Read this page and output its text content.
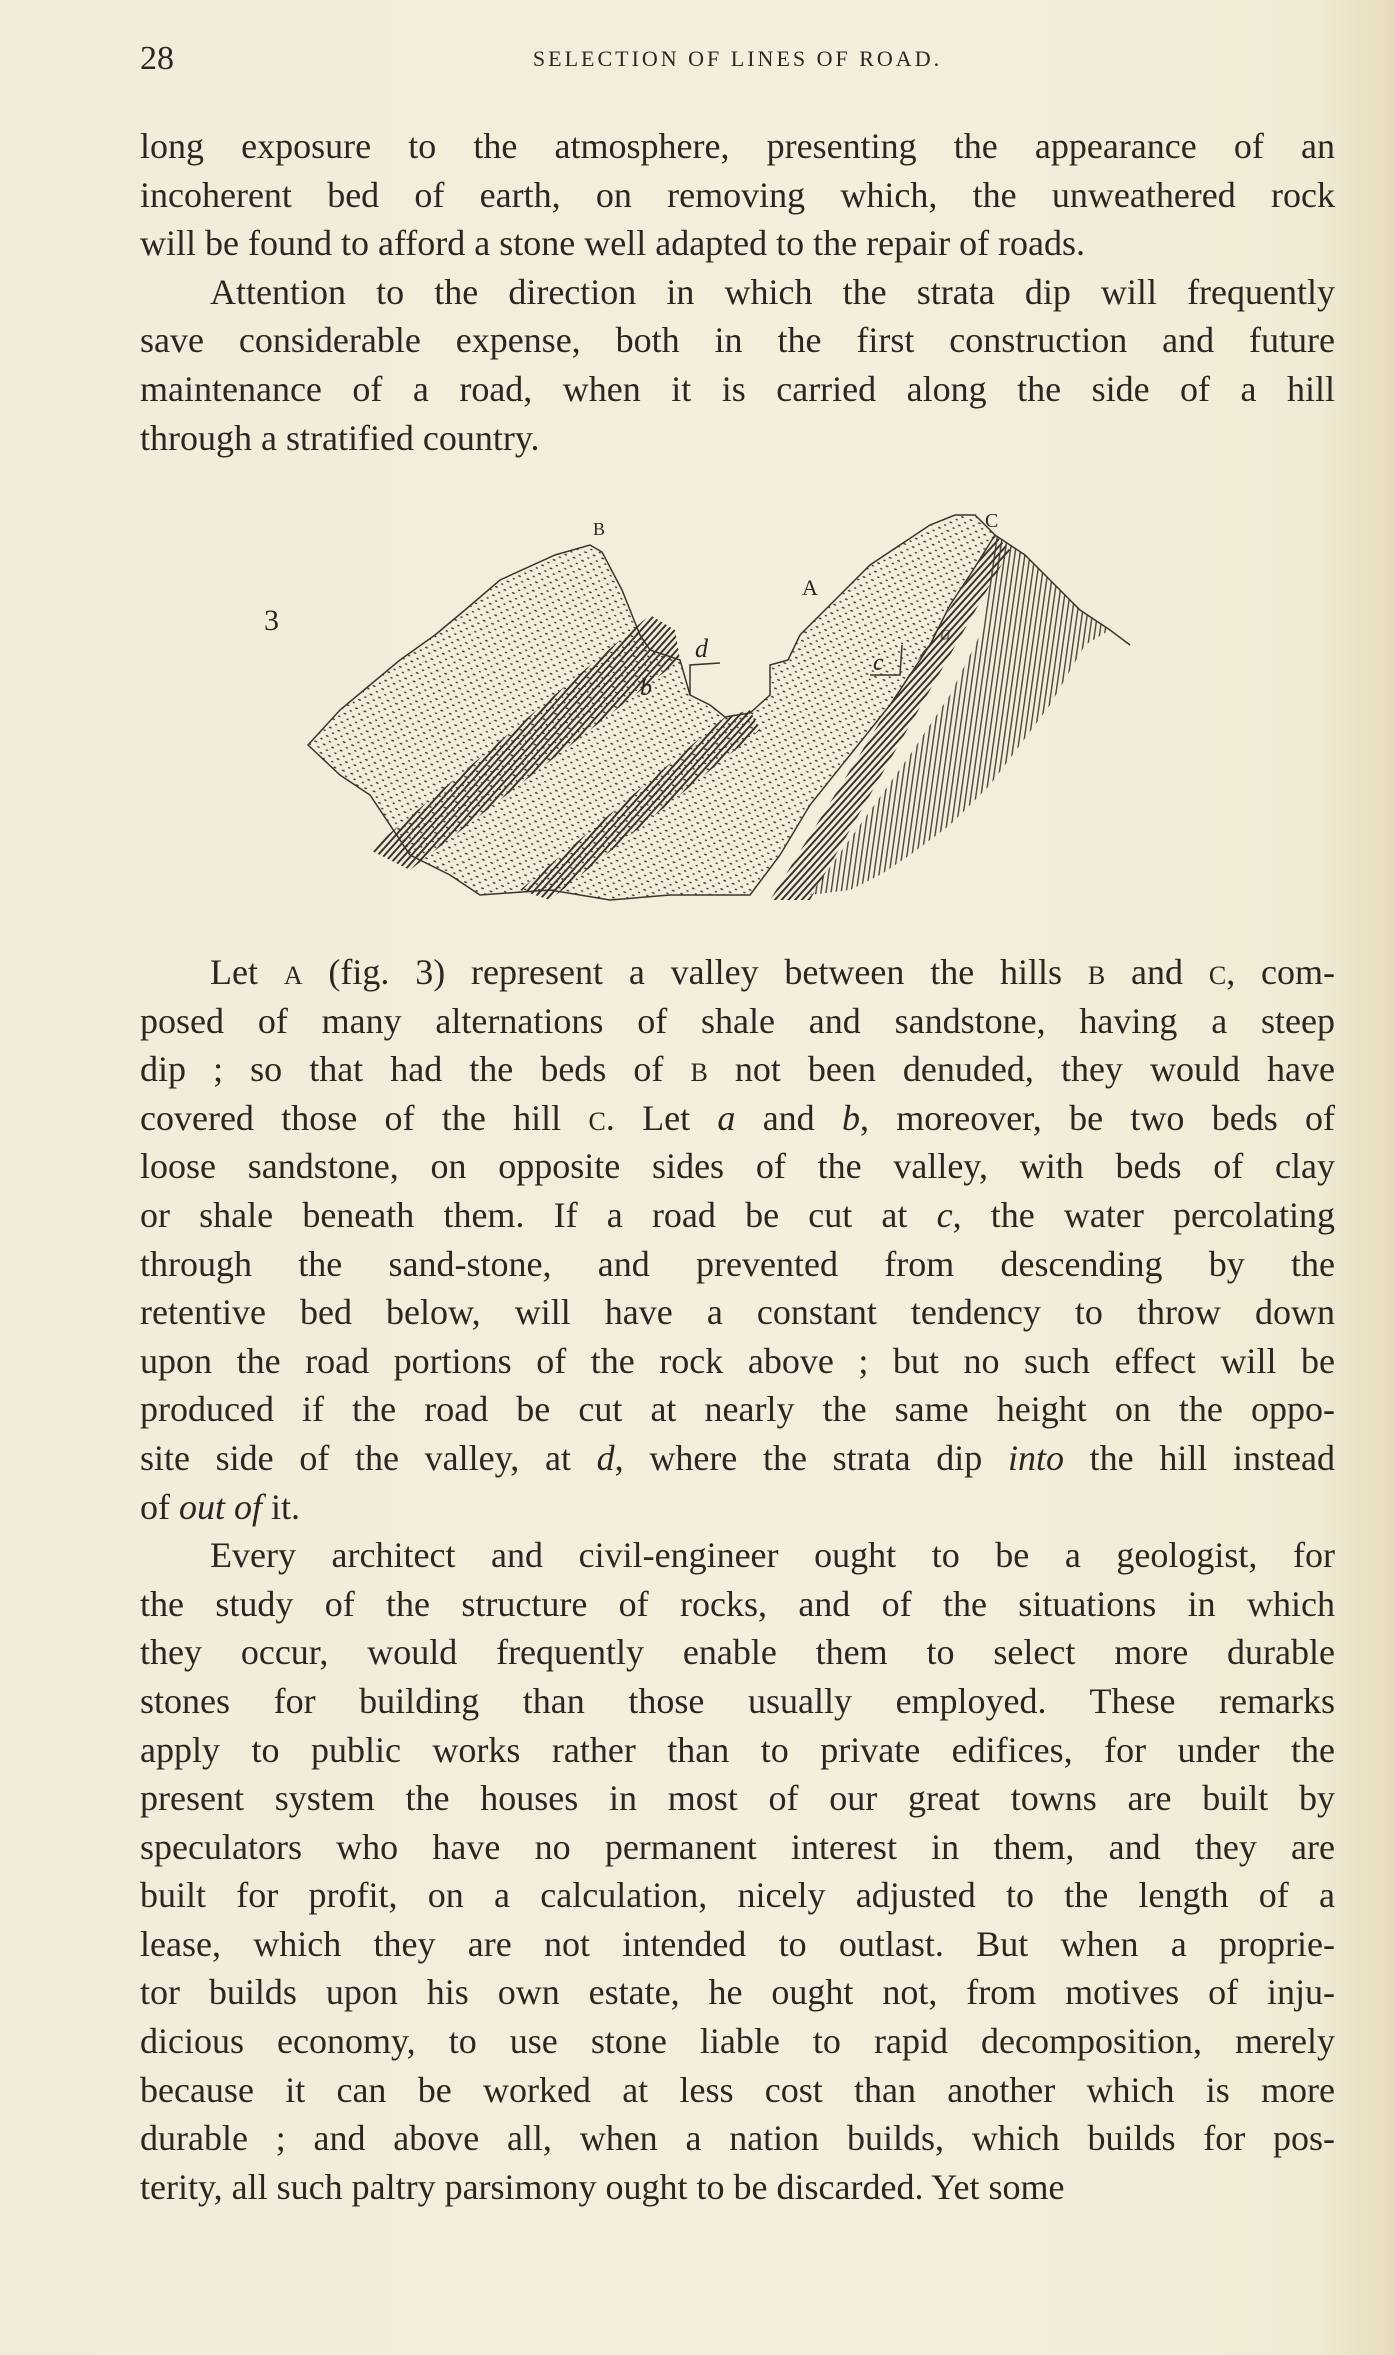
28	SELECTION OF LINES OF ROAD.
long exposure to the atmosphere, presenting the appearance of an
incoherent bed of earth, on removing which, the unweathered rock
will be found to afford a stone well adapted to the repair of roads.
Attention to the direction in which the strata dip will frequently
save considerable expense, both in the first construction and future
maintenance of a road, when it is carried along the side of a hill
through a stratified country.
3
B	C
A
d	c
b
a
Let A (fig. 3) represent a valley between the hills B and C, com-
posed of many alternations of shale and sandstone, having a steep
dip ; so that had the beds of B not been denuded, they would have
covered those of the hill C. Let a and b, moreover, be two beds of
loose sandstone, on opposite sides of the valley, with beds of clay
or shale beneath them. If a road be cut at c, the water percolating
through the sand-stone, and prevented from descending by the
retentive bed below, will have a constant tendency to throw down
upon the road portions of the rock above ; but no such effect will be
produced if the road be cut at nearly the same height on the oppo-
site side of the valley, at d, where the strata dip into the hill instead
of out of it.
Every architect and civil-engineer ought to be a geologist, for
the study of the structure of rocks, and of the situations in which
they occur, would frequently enable them to select more durable
stones for building than those usually employed. These remarks
apply to public works rather than to private edifices, for under the
present system the houses in most of our great towns are built by
speculators who have no permanent interest in them, and they are
built for profit, on a calculation, nicely adjusted to the length of a
lease, which they are not intended to outlast. But when a proprie-
tor builds upon his own estate, he ought not, from motives of inju-
dicious economy, to use stone liable to rapid decomposition, merely
because it can be worked at less cost than another which is more
durable ; and above all, when a nation builds, which builds for pos-
terity, all such paltry parsimony ought to be discarded. Yet some
